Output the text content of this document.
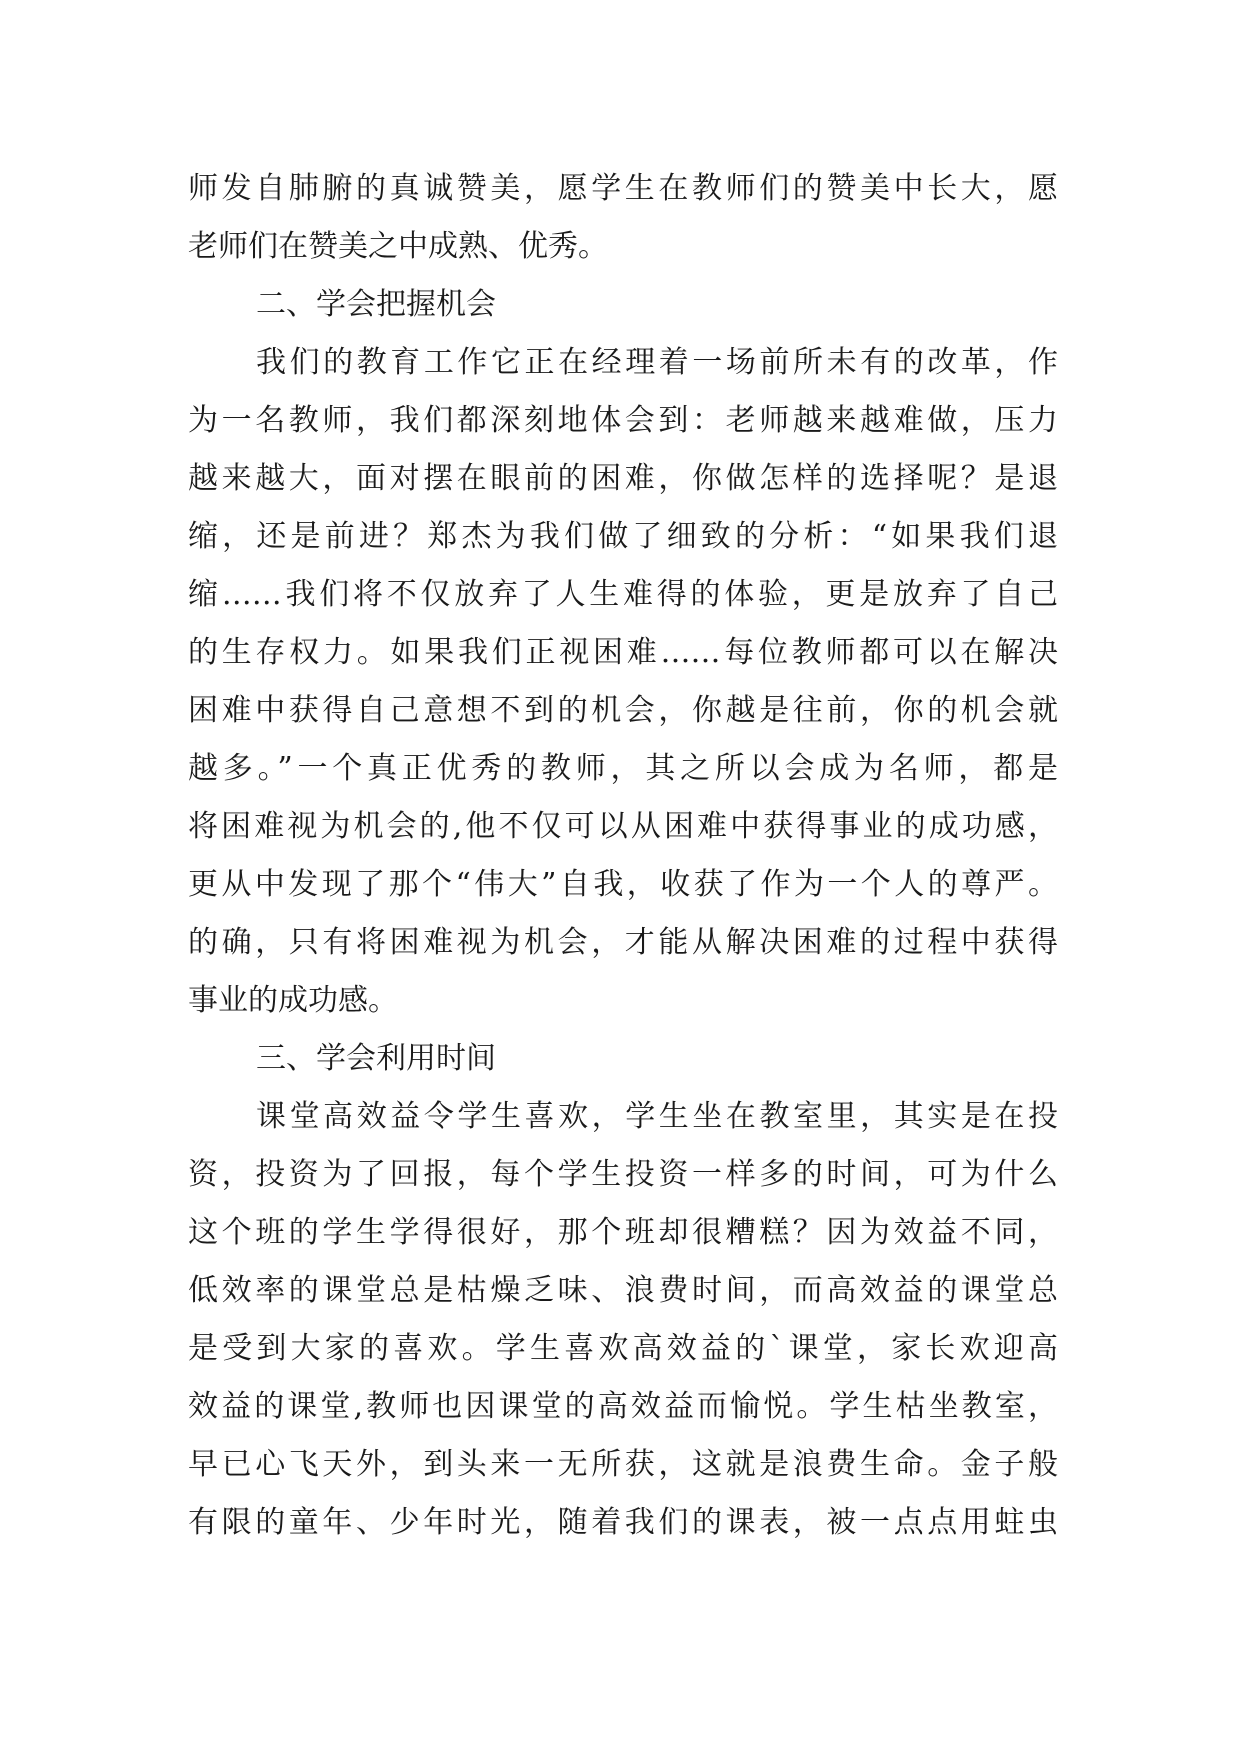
师发自肺腑的真诚赞美，愿学生在教师们的赞美中长大，愿
老师们在赞美之中成熟、优秀。
二、学会把握机会
我们的教育工作它正在经理着一场前所未有的改革，作
为一名教师，我们都深刻地体会到：老师越来越难做，压力
越来越大，面对摆在眼前的困难，你做怎样的选择呢？是退
缩，还是前进？郑杰为我们做了细致的分析：“如果我们退
缩……我们将不仅放弃了人生难得的体验，更是放弃了自己
的生存权力。如果我们正视困难……每位教师都可以在解决
困难中获得自己意想不到的机会，你越是往前，你的机会就
越多。”一个真正优秀的教师，其之所以会成为名师，都是
将困难视为机会的,他不仅可以从困难中获得事业的成功感，
更从中发现了那个“伟大”自我，收获了作为一个人的尊严。
的确，只有将困难视为机会，才能从解决困难的过程中获得
事业的成功感。
三、学会利用时间
课堂高效益令学生喜欢，学生坐在教室里，其实是在投
资，投资为了回报，每个学生投资一样多的时间，可为什么
这个班的学生学得很好，那个班却很糟糕？因为效益不同，
低效率的课堂总是枯燥乏味、浪费时间，而高效益的课堂总
是受到大家的喜欢。学生喜欢高效益的`课堂，家长欢迎高
效益的课堂,教师也因课堂的高效益而愉悦。学生枯坐教室，
早已心飞天外，到头来一无所获，这就是浪费生命。金子般
有限的童年、少年时光，随着我们的课表，被一点点用蛀虫
